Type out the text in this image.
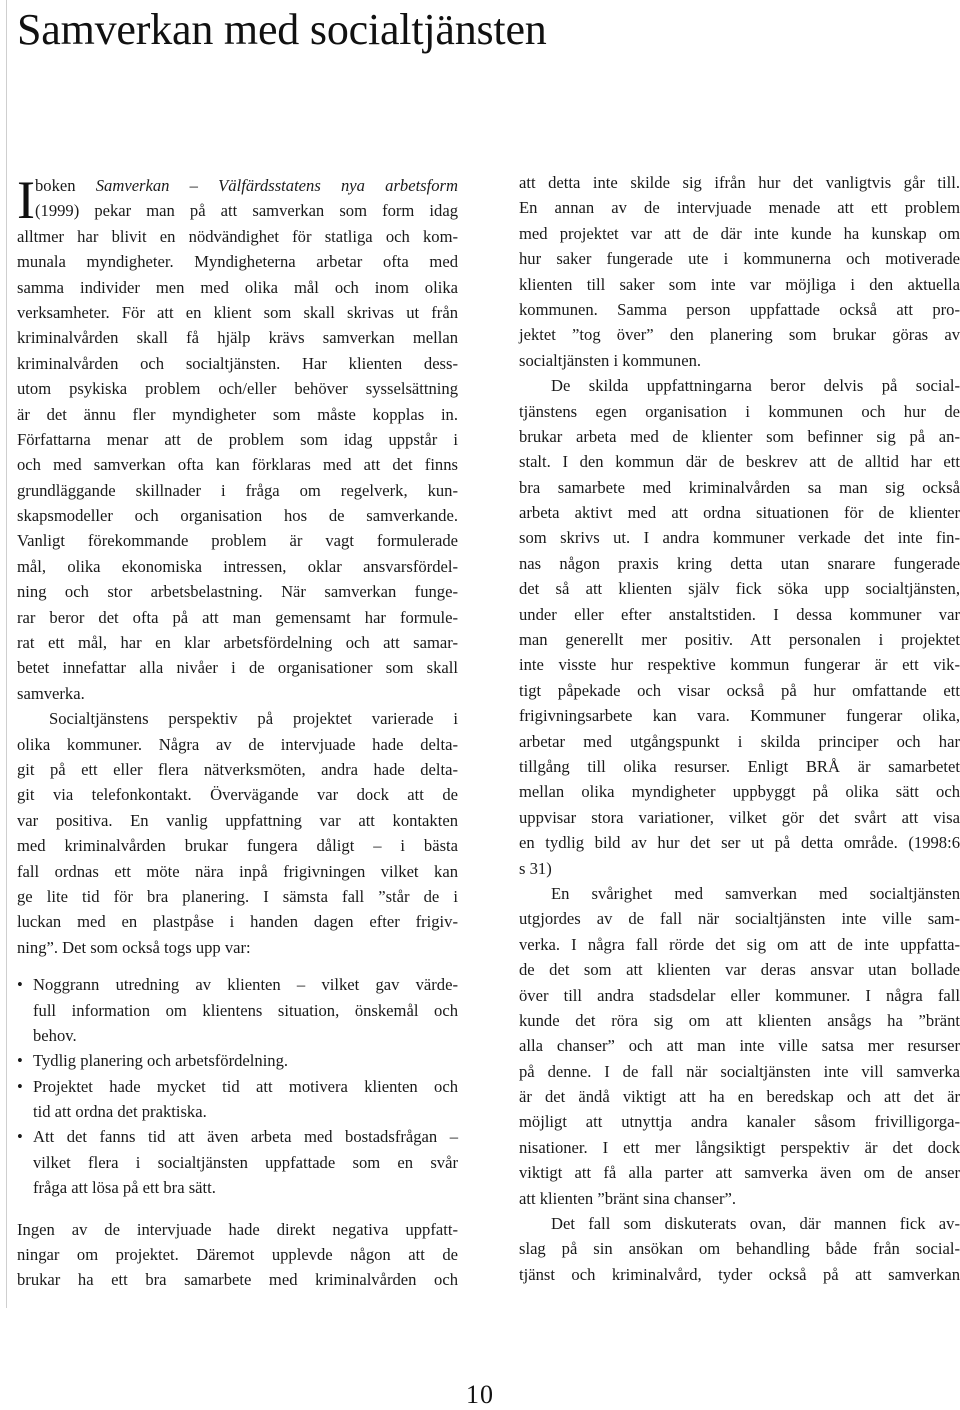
Samverkan med socialtjänsten
I boken Samverkan – Välfärdsstatens nya arbetsform
(1999) pekar man på att samverkan som form idag
alltmer har blivit en nödvändighet för statliga och kom-
munala myndigheter. Myndigheterna arbetar ofta med
samma individer men med olika mål och inom olika
verksamheter. För att en klient som skall skrivas ut från
kriminalvården skall få hjälp krävs samverkan mellan
kriminalvården och socialtjänsten. Har klienten dess-
utom psykiska problem och/eller behöver sysselsättning
är det ännu fler myndigheter som måste kopplas in.
Författarna menar att de problem som idag uppstår i
och med samverkan ofta kan förklaras med att det finns
grundläggande skillnader i fråga om regelverk, kun-
skapsmodeller och organisation hos de samverkande.
Vanligt förekommande problem är vagt formulerade
mål, olika ekonomiska intressen, oklar ansvarsfördel-
ning och stor arbetsbelastning. När samverkan funge-
rar beror det ofta på att man gemensamt har formule-
rat ett mål, har en klar arbetsfördelning och att samar-
betet innefattar alla nivåer i de organisationer som skall
samverka.
Socialtjänstens perspektiv på projektet varierade i
olika kommuner. Några av de intervjuade hade delta-
git på ett eller flera nätverksmöten, andra hade delta-
git via telefonkontakt. Övervägande var dock att de
var positiva. En vanlig uppfattning var att kontakten
med kriminalvården brukar fungera dåligt – i bästa
fall ordnas ett möte nära inpå frigivningen vilket kan
ge lite tid för bra planering. I sämsta fall ”står de i
luckan med en plastpåse i handen dagen efter frigiv-
ning”. Det som också togs upp var:
• Noggrann utredning av klienten – vilket gav värde-
full information om klientens situation, önskemål och
behov.
• Tydlig planering och arbetsfördelning.
• Projektet hade mycket tid att motivera klienten och
tid att ordna det praktiska.
• Att det fanns tid att även arbeta med bostadsfrågan –
vilket flera i socialtjänsten uppfattade som en svår
fråga att lösa på ett bra sätt.
Ingen av de intervjuade hade direkt negativa uppfatt-
ningar om projektet. Däremot upplevde någon att de
brukar ha ett bra samarbete med kriminalvården och
att detta inte skilde sig ifrån hur det vanligtvis går till.
En annan av de intervjuade menade att ett problem
med projektet var att de där inte kunde ha kunskap om
hur saker fungerade ute i kommunerna och motiverade
klienten till saker som inte var möjliga i den aktuella
kommunen. Samma person uppfattade också att pro-
jektet ”tog över” den planering som brukar göras av
socialtjänsten i kommunen.
De skilda uppfattningarna beror delvis på social-
tjänstens egen organisation i kommunen och hur de
brukar arbeta med de klienter som befinner sig på an-
stalt. I den kommun där de beskrev att de alltid har ett
bra samarbete med kriminalvården sa man sig också
arbeta aktivt med att ordna situationen för de klienter
som skrivs ut. I andra kommuner verkade det inte fin-
nas någon praxis kring detta utan snarare fungerade
det så att klienten själv fick söka upp socialtjänsten,
under eller efter anstaltstiden. I dessa kommuner var
man generellt mer positiv. Att personalen i projektet
inte visste hur respektive kommun fungerar är ett vik-
tigt påpekade och visar också på hur omfattande ett
frigivningsarbete kan vara. Kommuner fungerar olika,
arbetar med utgångspunkt i skilda principer och har
tillgång till olika resurser. Enligt BRÅ är samarbetet
mellan olika myndigheter uppbyggt på olika sätt och
uppvisar stora variationer, vilket gör det svårt att visa
en tydlig bild av hur det ser ut på detta område. (1998:6
s 31)
En svårighet med samverkan med socialtjänsten
utgjordes av de fall när socialtjänsten inte ville sam-
verka. I några fall rörde det sig om att de inte uppfatta-
de det som att klienten var deras ansvar utan bollade
över till andra stadsdelar eller kommuner. I några fall
kunde det röra sig om att klienten ansågs ha ”bränt
alla chanser” och att man inte ville satsa mer resurser
på denne. I de fall när socialtjänsten inte vill samverka
är det ändå viktigt att ha en beredskap och att det är
möjligt att utnyttja andra kanaler såsom frivilligorga-
nisationer. I ett mer långsiktigt perspektiv är det dock
viktigt att få alla parter att samverka även om de anser
att klienten ”bränt sina chanser”.
Det fall som diskuterats ovan, där mannen fick av-
slag på sin ansökan om behandling både från social-
tjänst och kriminalvård, tyder också på att samverkan
10
